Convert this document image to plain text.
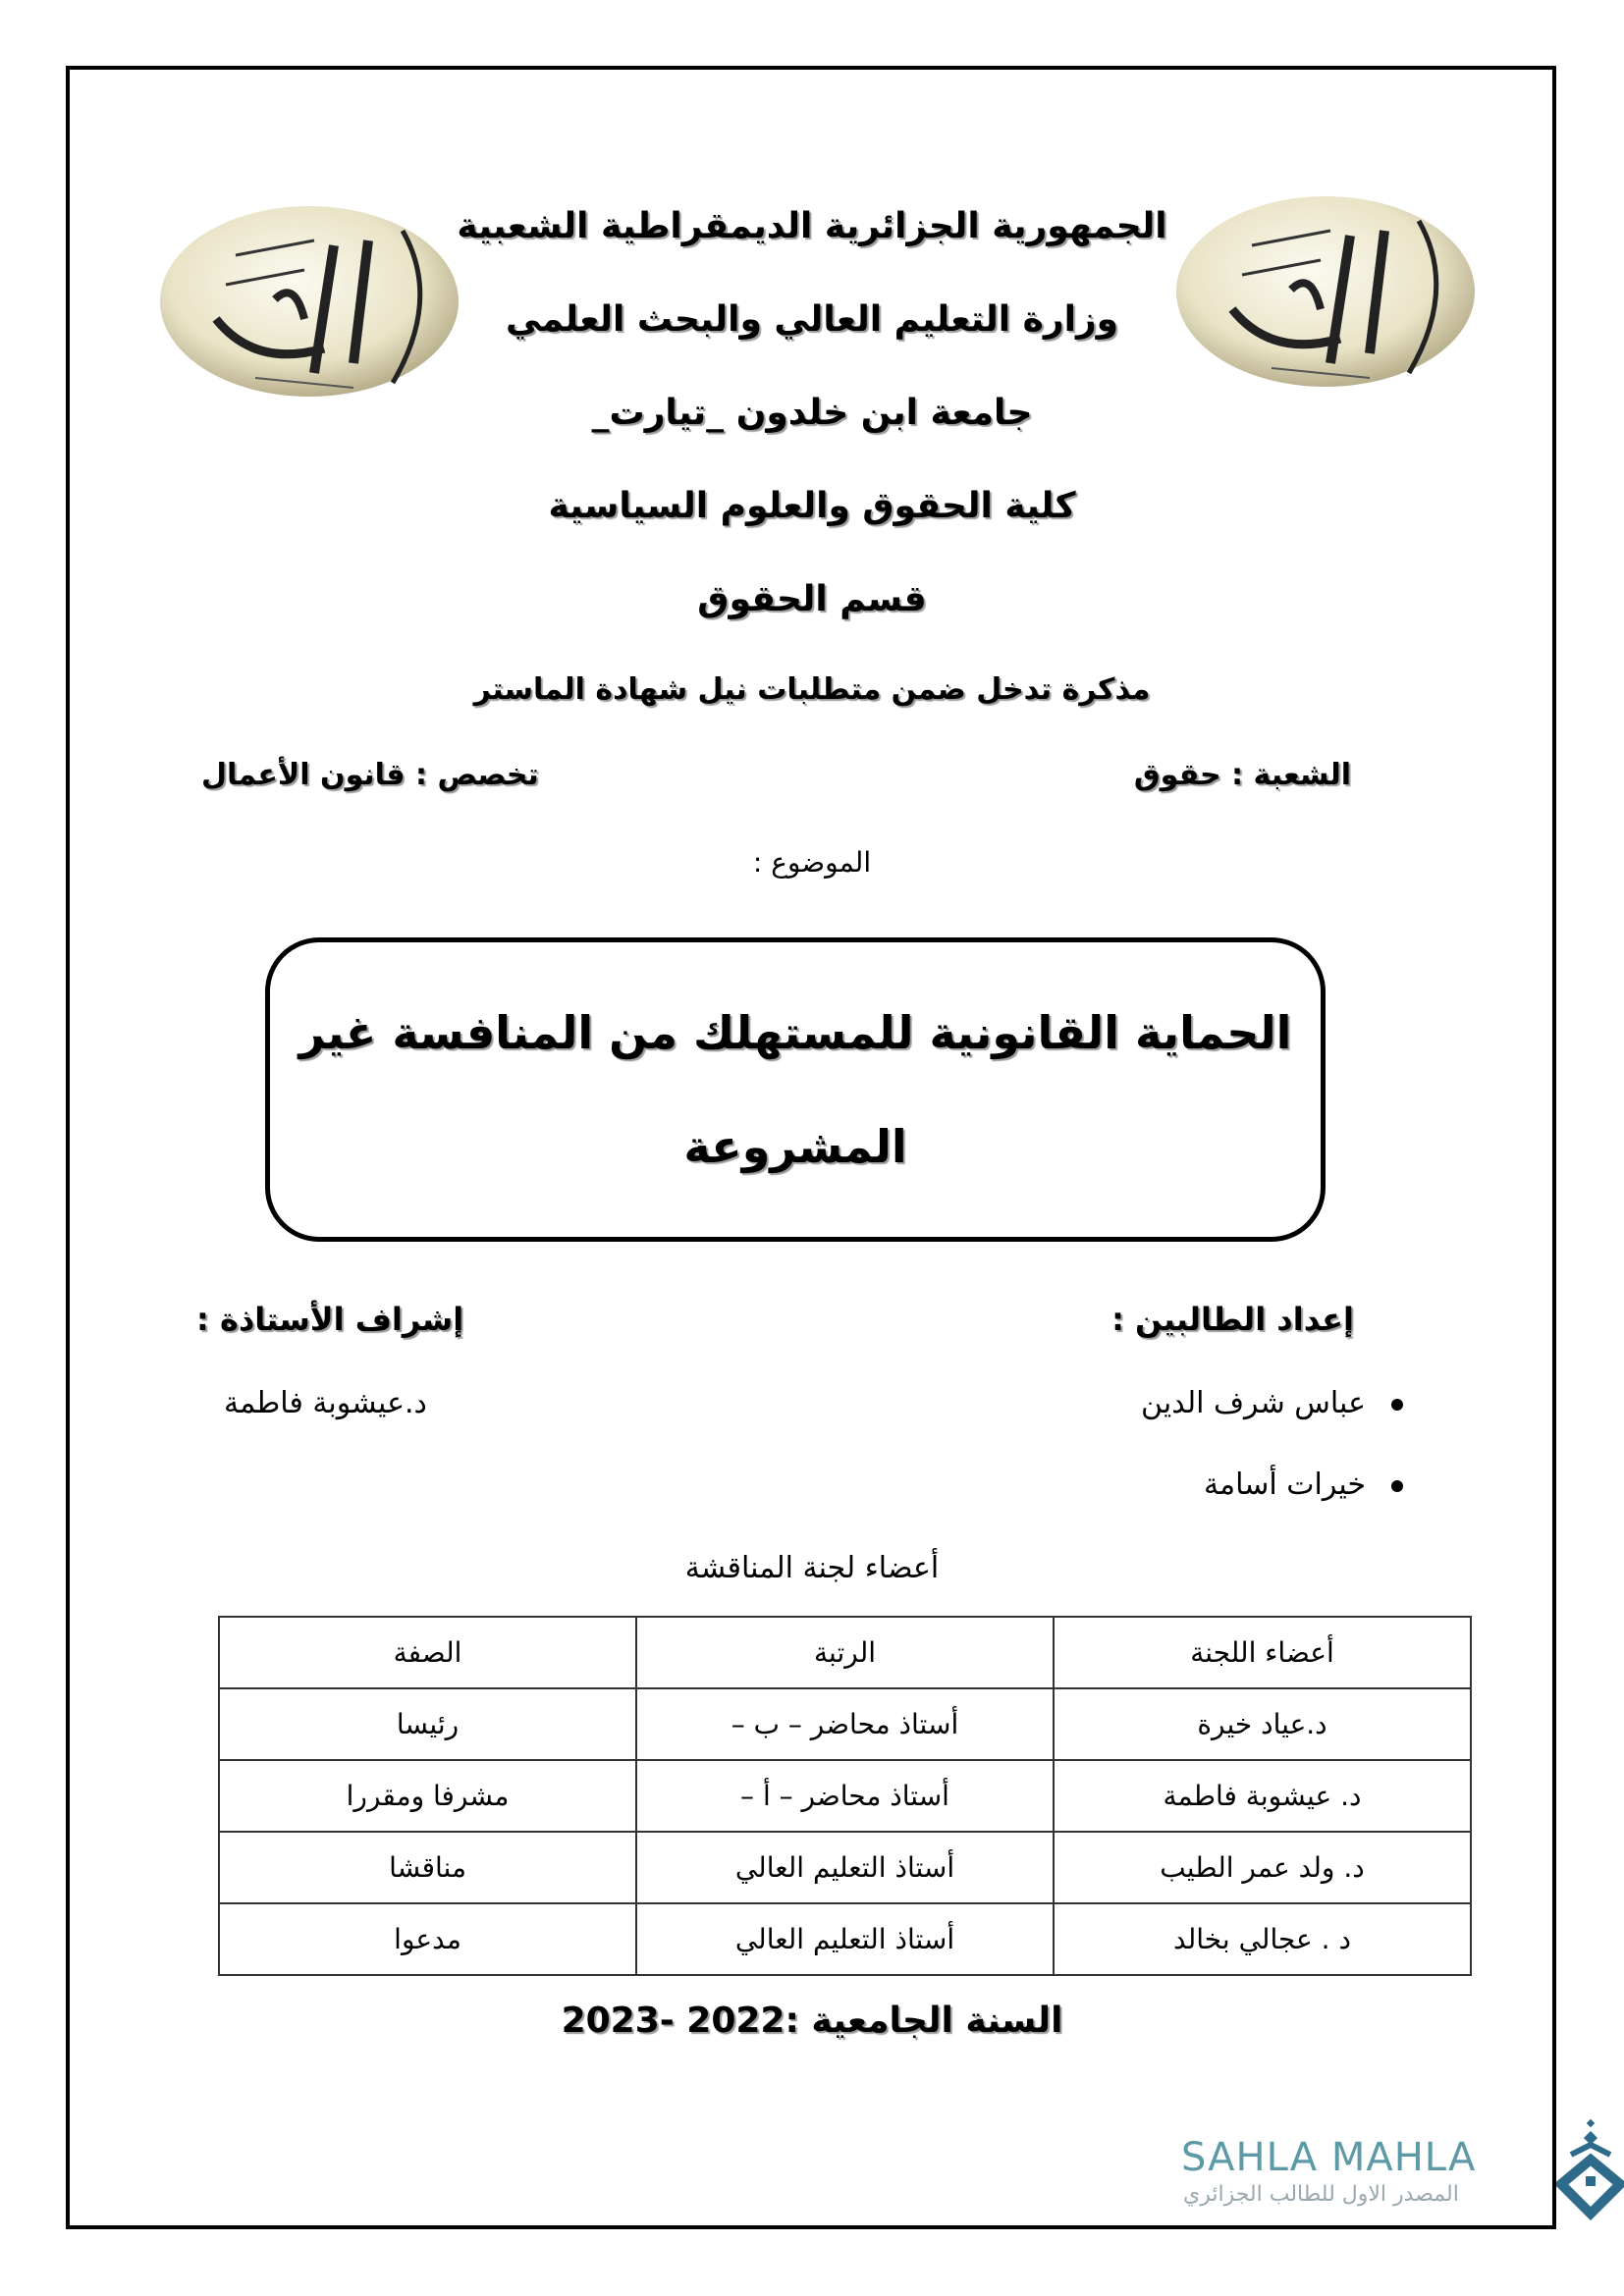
الجمهورية الجزائرية الديمقراطية الشعبية
وزارة التعليم العالي والبحث العلمي
جامعة ابن خلدون _تيارت_
كلية الحقوق والعلوم السياسية
قسم الحقوق
مذكرة تدخل ضمن متطلبات نيل شهادة الماستر
الشعبة : حقوق
تخصص : قانون الأعمال
الموضوع :
الحماية القانونية للمستهلك من المنافسة غير
المشروعة
إعداد الطالبين :
إشراف الأستاذة :
عباس شرف الدين
خيرات أسامة
د.عيشوبة فاطمة
أعضاء لجنة المناقشة
أعضاء اللجنة	الرتبة	الصفة
د.عياد خيرة	أستاذ محاضر – ب –	رئيسا
د. عيشوبة فاطمة	أستاذ محاضر – أ –	مشرفا ومقررا
د. ولد عمر الطيب	أستاذ التعليم العالي	مناقشا
د . عجالي بخالد	أستاذ التعليم العالي	مدعوا
السنة الجامعية :2022 -2023
SAHLA MAHLA
المصدر الاول للطالب الجزائري
